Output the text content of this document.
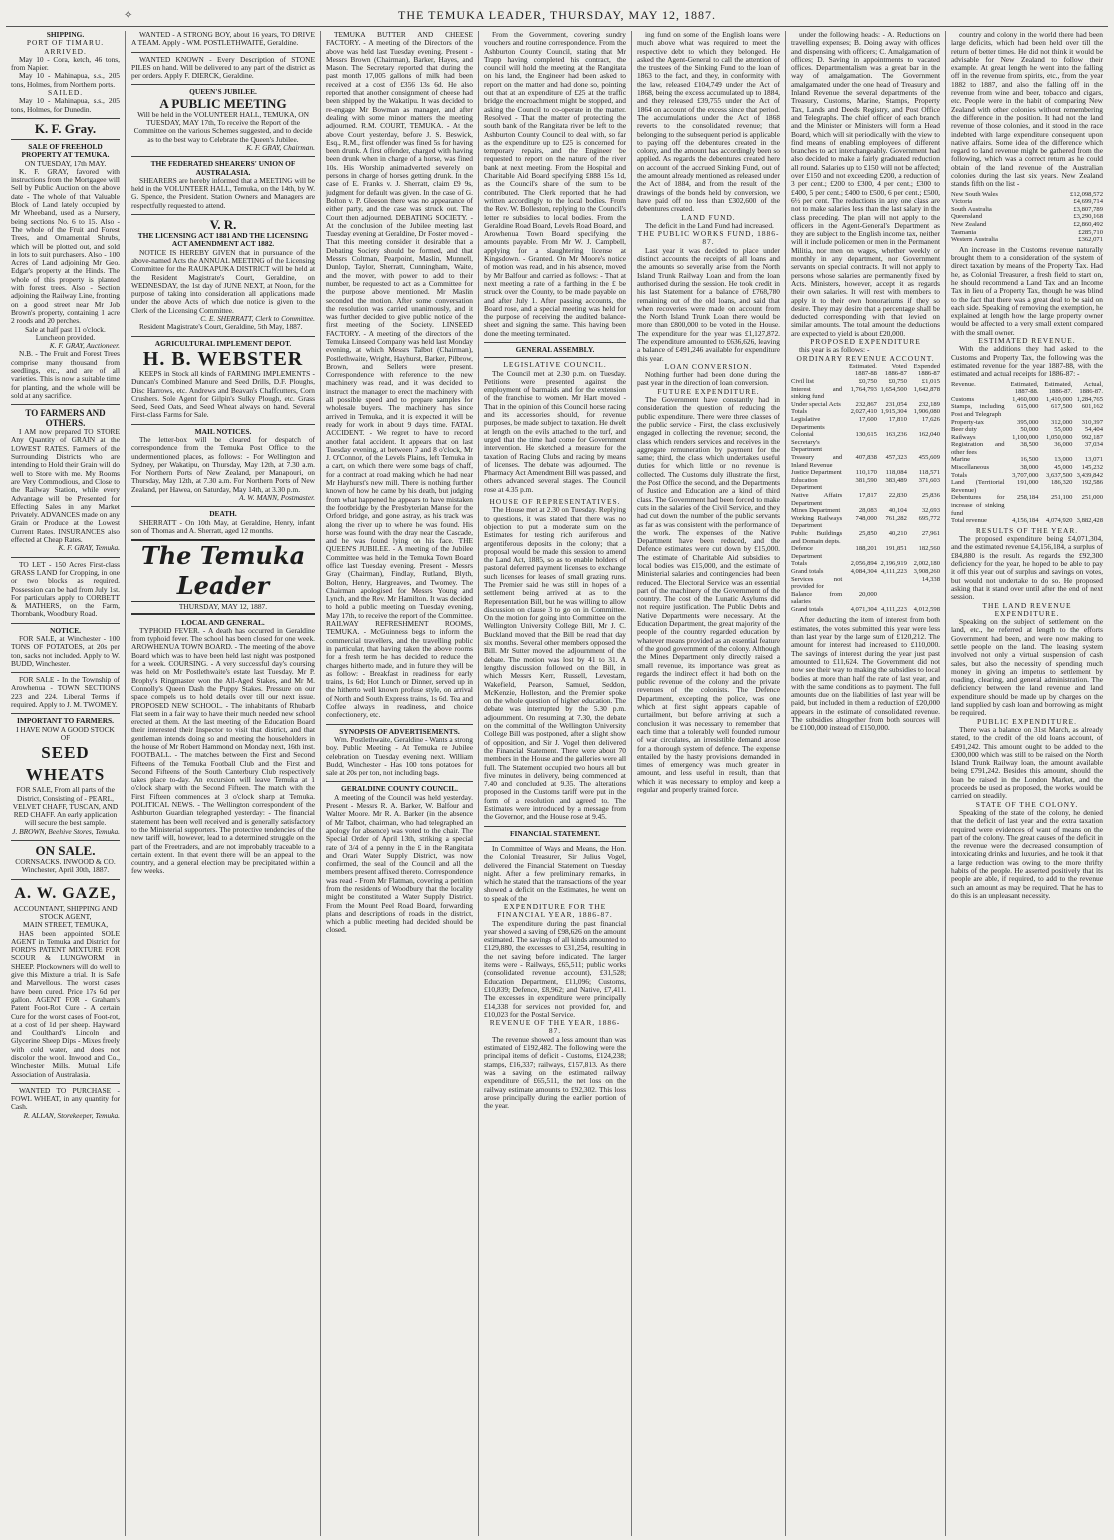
✧	THE TEMUKA LEADER, THURSDAY, MAY 12, 1887.
SHIPPING.
PORT OF TIMARU.
ARRIVED.
May 10 - Cora, ketch, 46 tons, from Napier.
May 10 - Mahinapua, s.s., 205 tons, Holmes, from Northern ports.
SAILED.
May 10 - Mahinapua, s.s., 205 tons, Holmes, for Dunedin.
K. F. Gray.
SALE OF FREEHOLD PROPERTY AT TEMUKA.
ON TUESDAY, 17th MAY.
K. F. GRAY, favored with instructions from the Mortgagee will Sell by Public Auction on the above date - The whole of that Valuable Block of Land lately occupied by Mr Wheeband, used as a Nursery, being sections No. 6 to 15. Also - The whole of the Fruit and Forest Trees, and Ornamental Shrubs, which will be plotted out, and sold in lots to suit purchasers. Also - 100 Acres of Land adjoining Mr Geo. Edgar's property at the Hinds. The whole of this property is planted with forest trees. Also - Section adjoining the Railway Line, fronting on a good street near Mr Job Brown's property, containing 1 acre 2 roods and 20 perches.
Sale at half past 11 o'clock.
Luncheon provided.
K. F. GRAY, Auctioneer.
N.B. - The Fruit and Forest Trees comprise many thousand from seedlings, etc., and are of all varieties. This is now a suitable time for planting, and the whole will be sold at any sacrifice.
TO FARMERS AND OTHERS.
I AM now prepared TO STORE Any Quantity of GRAIN at the LOWEST RATES. Farmers of the Surrounding Districts who are intending to Hold their Grain will do well to Store with me. My Rooms are Very Commodious, and Close to the Railway Station, while every Advantage will be Presented for Effecting Sales in any Market Privately. ADVANCES made on any Grain or Produce at the Lowest Current Rates. INSURANCES also effected at Cheap Rates.
K. F. GRAY, Temuka.
TO LET - 150 Acres First-class GRASS LAND for Cropping, in one or two blocks as required. Possession can be had from July 1st. For particulars apply to CORBETT & MATHERS, on the Farm, Thornbank, Woodbury Road.
NOTICE.
FOR SALE, at Winchester - 100 TONS OF POTATOES, at 20s per ton, sacks not included. Apply to W. BUDD, Winchester.
FOR SALE - In the Township of Arowhenua - TOWN SECTIONS 223 and 224. Liberal Terms if required. Apply to J. M. TWOMEY.
IMPORTANT TO FARMERS.
I HAVE NOW A GOOD STOCK OF
SEED WHEATS
FOR SALE, From all parts of the District, Consisting of - PEARL, VELVET CHAFF, TUSCAN, AND RED CHAFF. An early application will secure the best sample.
J. BROWN, Beehive Stores, Temuka.
ON SALE.
CORNSACKS. INWOOD & CO. Winchester, April 30th, 1887.
A. W. GAZE,
ACCOUNTANT, SHIPPING AND STOCK AGENT,
MAIN STREET, TEMUKA,
HAS been appointed SOLE AGENT in Temuka and District for FORD'S PATENT MIXTURE FOR SCOUR & LUNGWORM in SHEEP. Plockowners will do well to give this Mixture a trial. It is Safe and Marvellous. The worst cases have been cured. Price 17s 6d per gallon. AGENT FOR - Graham's Patent Foot-Rot Cure - A certain Cure for the worst cases of Foot-rot, at a cost of 1d per sheep. Hayward and Coulthard's Lincoln and Glycerine Sheep Dips - Mixes freely with cold water, and does not discolor the wool. Inwood and Co., Winchester Mills. Mutual Life Association of Australasia.
WANTED TO PURCHASE - FOWL WHEAT, in any quantity for Cash.
R. ALLAN, Storekeeper, Temuka.
WANTED - A STRONG BOY, about 16 years, TO DRIVE A TEAM. Apply - WM. POSTLETHWAITE, Geraldine.
WANTED KNOWN - Every Description of STONE PILES on hand. Will be delivered to any part of the district as per orders. Apply F. DIERCK, Geraldine.
QUEEN'S JUBILEE.
A PUBLIC MEETING
Will be held in the VOLUNTEER HALL, TEMUKA, ON TUESDAY, MAY 17th, To receive the Report of the Committee on the various Schemes suggested, and to decide as to the best way to Celebrate the Queen's Jubilee.
K. F. GRAY, Chairman.
THE FEDERATED SHEARERS' UNION OF AUSTRALASIA.
SHEARERS are hereby informed that a MEETING will be held in the VOLUNTEER HALL, Temuka, on the 14th, by W. G. Spence, the President. Station Owners and Managers are respectfully requested to attend.
V. R.
THE LICENSING ACT 1881 AND THE LICENSING ACT AMENDMENT ACT 1882.
NOTICE IS HEREBY GIVEN that in pursuance of the above-named Acts the ANNUAL MEETING of the Licensing Committee for the RAUKAPUKA DISTRICT will be held at the Resident Magistrate's Court, Geraldine, on WEDNESDAY, the 1st day of JUNE NEXT, at Noon, for the purpose of taking into consideration all applications made under the above Acts of which due notice is given to the Clerk of the Licensing Committee.
C. E. SHERRATT, Clerk to Committee.
Resident Magistrate's Court, Geraldine, 5th May, 1887.
AGRICULTURAL IMPLEMENT DEPOT.
H. B. WEBSTER
KEEPS in Stock all kinds of FARMING IMPLEMENTS - Duncan's Combined Manure and Seed Drills, D.F. Ploughs, Disc Harrows, etc. Andrews and Beavan's Chaffcutters, Corn Crushers. Sole Agent for Gilpin's Sulky Plough, etc. Grass Seed, Seed Oats, and Seed Wheat always on hand. Several First-class Farms for Sale.
MAIL NOTICES.
The letter-box will be cleared for despatch of correspondence from the Temuka Post Office to the undermentioned places, as follows: - For Wellington and Sydney, per Wakatipu, on Thursday, May 12th, at 7.30 a.m. For Northern Ports of New Zealand, per Manapouri, on Thursday, May 12th, at 7.30 a.m. For Northern Ports of New Zealand, per Hawea, on Saturday, May 14th, at 3.30 p.m.
A. W. MANN, Postmaster.
DEATH.
SHERRATT - On 10th May, at Geraldine, Henry, infant son of Thomas and A. Sherratt, aged 12 months.
The Temuka Leader
THURSDAY, MAY 12, 1887.
LOCAL AND GENERAL.
TYPHOID FEVER. - A death has occurred in Geraldine from typhoid fever. The school has been closed for one week. AROWHENUA TOWN BOARD. - The meeting of the above Board which was to have been held last night was postponed for a week. COURSING. - A very successful day's coursing was held on Mr Postlethwaite's estate last Tuesday. Mr P. Brophy's Ringmaster won the All-Aged Stakes, and Mr M. Connolly's Queen Dash the Puppy Stakes. Pressure on our space compels us to hold details over till our next issue. PROPOSED NEW SCHOOL. - The inhabitants of Rhubarb Flat seem in a fair way to have their much needed new school erected at them. At the last meeting of the Education Board their interested their Inspector to visit that district, and that gentleman intends doing so and meeting the householders in the house of Mr Robert Hammond on Monday next, 16th inst. FOOTBALL. - The matches between the First and Second Fifteens of the Temuka Football Club and the First and Second Fifteens of the South Canterbury Club respectively takes place to-day. An excursion will leave Temuka at 1 o'clock sharp with the Second Fifteen. The match with the First Fifteen commences at 3 o'clock sharp at Temuka. POLITICAL NEWS. - The Wellington correspondent of the Ashburton Guardian telegraphed yesterday: - The financial statement has been well received and is generally satisfactory to the Ministerial supporters. The protective tendencies of the new tariff will, however, lead to a determined struggle on the part of the Freetraders, and are not improbably traceable to a certain extent. In that event there will be an appeal to the country, and a general election may be precipitated within a few weeks.
TEMUKA BUTTER AND CHEESE FACTORY. - A meeting of the Directors of the above was held last Tuesday evening. Present - Messrs Brown (Chairman), Barker, Hayes, and Mason. The Secretary reported that during the past month 17,005 gallons of milk had been received at a cost of £356 13s 6d. He also reported that another consignment of cheese had been shipped by the Wakatipu. It was decided to re-engage Mr Bowman as manager, and after dealing with some minor matters the meeting adjourned. R.M. COURT, TEMUKA. - At the above Court yesterday, before J. S. Beswick, Esq., R.M., first offender was fined 5s for having been drunk. A first offender, charged with having been drunk when in charge of a horse, was fined 10s. His Worship animadverted severely on persons in charge of horses getting drunk. In the case of E. Franks v. J. Sherratt, claim £9 9s, judgment for default was given. In the case of G. Bolton v. P. Gleeson there was no appearance of either party, and the case was struck out. The Court then adjourned. DEBATING SOCIETY. - At the conclusion of the Jubilee meeting last Tuesday evening at Geraldine, Dr Foster moved - That this meeting consider it desirable that a Debating Society should be formed, and that Messrs Coltman, Pearpoint, Maslin, Munnell, Dunlop, Taylor, Sherratt, Cunningham, Waite, and the mover, with power to add to their number, be requested to act as a Committee for the purpose above mentioned. Mr Maslin seconded the motion. After some conversation the resolution was carried unanimously, and it was further decided to give public notice of the first meeting of the Society. LINSEED FACTORY. - A meeting of the directors of the Temuka Linseed Company was held last Monday evening, at which Messrs Talbot (Chairman), Postlethwaite, Wright, Hayhurst, Barker, Pilbrow, Brown, and Sellers were present. Correspondence with reference to the new machinery was read, and it was decided to instruct the manager to erect the machinery with all possible speed and to prepare samples for wholesale buyers. The machinery has since arrived in Temuka, and it is expected it will be ready for work in about 9 days time. FATAL ACCIDENT. - We regret to have to record another fatal accident. It appears that on last Tuesday evening, at between 7 and 8 o'clock, Mr J. O'Connor, of the Levels Plains, left Temuka in a cart, on which there were some bags of chaff, for a contract at road making which he had near Mr Hayhurst's new mill. There is nothing further known of how he came by his death, but judging from what happened he appears to have mistaken the footbridge by the Presbyterian Manse for the Orford bridge, and gone astray, as his track was along the river up to where he was found. His horse was found with the dray near the Cascade, and he was found lying on his face. THE QUEEN'S JUBILEE. - A meeting of the Jubilee Committee was held in the Temuka Town Board office last Tuesday evening. Present - Messrs Gray (Chairman), Findlay, Rutland, Blyth, Bolton, Henry, Hargreaves, and Twomey. The Chairman apologised for Messrs Young and Lynch, and the Rev. Mr Hamilton. It was decided to hold a public meeting on Tuesday evening, May 17th, to receive the report of the Committee. RAILWAY REFRESHMENT ROOMS, TEMUKA. - McGuinness begs to inform the commercial travellers, and the travelling public in particular, that having taken the above rooms for a fresh term he has decided to reduce the charges hitherto made, and in future they will be as follow: - Breakfast in readiness for early trains, 1s 6d; Hot Lunch or Dinner, served up in the hitherto well known profuse style, on arrival of North and South Express trains, 1s 6d. Tea and Coffee always in readiness, and choice confectionery, etc.
SYNOPSIS OF ADVERTISEMENTS.
Wm. Postlethwaite, Geraldine - Wants a strong boy. Public Meeting - At Temuka re Jubilee celebration on Tuesday evening next. William Budd, Winchester - Has 100 tons potatoes for sale at 20s per ton, not including bags.
GERALDINE COUNTY COUNCIL.
A meeting of the Council was held yesterday. Present - Messrs R. A. Barker, W. Balfour and Walter Moore. Mr R. A. Barker (in the absence of Mr Talbot, chairman, who had telegraphed an apology for absence) was voted to the chair. The Special Order of April 13th, striking a special rate of 3/4 of a penny in the £ in the Rangitata and Orari Water Supply District, was now confirmed, the seal of the Council and all the members present affixed thereto. Correspondence was read - From Mr Flatman, covering a petition from the residents of Woodbury that the locality might be constituted a Water Supply District. From the Mount Peel Road Board, forwarding plans and descriptions of roads in the district, which a public meeting had decided should be closed.
From the Government, covering sundry vouchers and routine correspondence. From the Ashburton County Council, stating that Mr Trapp having completed his contract, the council will hold the meeting at the Rangitata on his land, the Engineer had been asked to report on the matter and had done so, pointing out that at an expenditure of £25 at the traffic bridge the encroachment might be stopped, and asking the Council to co-operate in the matter. Resolved - That the matter of protecting the south bank of the Rangitata river be left to the Ashburton County Council to deal with, so far as the expenditure up to £25 is concerned for temporary repairs, and the Engineer be requested to report on the nature of the river bank at next meeting. From the Hospital and Charitable Aid Board specifying £888 15s 1d, as the Council's share of the sum to be contributed. The Clerk reported that he had written accordingly to the local bodies. From the Rev. W. Bolleston, replying to the Council's letter re subsidies to local bodies. From the Geraldine Road Board, Levels Road Board, and Arowhenua Town Board specifying the amounts payable. From Mr W. J. Campbell, applying for a slaughtering license at Kingsdown. - Granted. On Mr Moore's notice of motion was read, and in his absence, moved by Mr Balfour and carried as follows: - That at next meeting a rate of a farthing in the £ be struck over the County, to be made payable on and after July 1. After passing accounts, the Board rose, and a special meeting was held for the purpose of receiving the audited balance-sheet and signing the same. This having been done the meeting terminated.
GENERAL ASSEMBLY.
LEGISLATIVE COUNCIL.
The Council met at 2.30 p.m. on Tuesday. Petitions were presented against the employment of barmaids and for the extension of the franchise to women. Mr Hart moved - That in the opinion of this Council horse racing and its accessories should, for revenue purposes, be made subject to taxation. He dwelt at length on the evils attached to the turf, and urged that the time had come for Government intervention. He sketched a measure for the taxation of Racing Clubs and racing by means of licenses. The debate was adjourned. The Pharmacy Act Amendment Bill was passed, and others advanced several stages. The Council rose at 4.35 p.m.
HOUSE OF REPRESENTATIVES.
The House met at 2.30 on Tuesday. Replying to questions, it was stated that there was no objection to put a moderate sum on the Estimates for testing rich auriferous and argentiferous deposits in the colony; that a proposal would be made this session to amend the Land Act, 1885, so as to enable holders of pastoral deferred payment licenses to exchange such licenses for leases of small grazing runs. The Premier said he was still in hopes of a settlement being arrived at as to the Representation Bill, but he was willing to allow discussion on clause 3 to go on in Committee. On the motion for going into Committee on the Wellington University College Bill, Mr J. C. Buckland moved that the Bill be read that day six months. Several other members opposed the Bill. Mr Sutter moved the adjournment of the debate. The motion was lost by 41 to 31. A lengthy discussion followed on the Bill, in which Messrs Kerr, Russell, Levestam, Wakefield, Pearson, Samuel, Seddon, McKenzie, Holleston, and the Premier spoke on the whole question of higher education. The debate was interrupted by the 5.30 p.m. adjournment. On resuming at 7.30, the debate on the committal of the Wellington University College Bill was postponed, after a slight show of opposition, and Sir J. Vogel then delivered the Financial Statement. There were about 70 members in the House and the galleries were all full. The Statement occupied two hours all but five minutes in delivery, being commenced at 7.40 and concluded at 9.35. The alterations proposed in the Customs tariff were put in the form of a resolution and agreed to. The Estimates were introduced by a message from the Governor, and the House rose at 9.45.
FINANCIAL STATEMENT.
In Committee of Ways and Means, the Hon. the Colonial Treasurer, Sir Julius Vogel, delivered the Financial Statement on Tuesday night. After a few preliminary remarks, in which he stated that the transactions of the year showed a deficit on the Estimates, he went on to speak of the
EXPENDITURE FOR THE FINANCIAL YEAR, 1886-87.
The expenditure during the past financial year showed a saving of £98,626 on the amount estimated. The savings of all kinds amounted to £129,880, the excesses to £31,254, resulting in the net saving before indicated. The larger items were - Railways, £65,511; public works (consolidated revenue account), £31,528; Education Department, £11,096; Customs, £10,839; Defence, £8,962; and Native, £7,411. The excesses in expenditure were principally £14,338 for services not provided for, and £10,023 for the Postal Service.
REVENUE OF THE YEAR, 1886-87.
The revenue showed a less amount than was estimated of £192,482. The following were the principal items of deficit - Customs, £124,238; stamps, £16,337; railways, £157,813. As there was a saving on the estimated railway expenditure of £65,511, the net loss on the railway estimate amounts to £92,302. This loss arose principally during the earlier portion of the year.
ing fund on some of the English loans were much above what was required to meet the respective debt to which they belonged. He asked the Agent-General to call the attention of the trustees of the Sinking Fund to the loan of 1863 to the fact, and they, in conformity with the law, released £104,749 under the Act of 1868, being the excess accumulated up to 1884, and they released £39,755 under the Act of 1864 on account of the excess since that period. The accumulations under the Act of 1868 reverts to the consolidated revenue; that belonging to the subsequent period is applicable to paying off the debentures created in the colony, and the amount has accordingly been so applied. As regards the debentures created here on account of the accrued Sinking Fund, out of the amount already mentioned as released under the Act of 1884, and from the result of the drawings of the bonds held by conversion, we have paid off no less than £302,600 of the debentures created.
LAND FUND.
The deficit in the Land Fund had increased.
THE PUBLIC WORKS FUND, 1886-87.
Last year it was decided to place under distinct accounts the receipts of all loans and the amounts so severally arise from the North Island Trunk Railway Loan and from the loan authorised during the session. He took credit in his last Statement for a balance of £768,780 remaining out of the old loans, and said that when recoveries were made on account from the North Island Trunk Loan there would be more than £800,000 to be voted in the House. The expenditure for the year was £1,127,872. The expenditure amounted to £636,626, leaving a balance of £491,246 available for expenditure this year.
LOAN CONVERSION.
Nothing further had been done during the past year in the direction of loan conversion.
FUTURE EXPENDITURE.
The Government have constantly had in consideration the question of reducing the public expenditure. There were three classes of the public service - First, the class exclusively engaged in collecting the revenue; second, the class which renders services and receives in the aggregate remuneration by payment for the same; third, the class which undertakes useful duties for which little or no revenue is collected. The Customs duly illustrate the first, the Post Office the second, and the Departments of Justice and Education are a kind of third class. The Government had been forced to make cuts in the salaries of the Civil Service, and they had cut down the number of the public servants as far as was consistent with the performance of the work. The expenses of the Native Department have been reduced, and the Defence estimates were cut down by £15,000. The estimate of Charitable Aid subsidies to local bodies was £15,000, and the estimate of Ministerial salaries and contingencies had been reduced. The Electoral Service was an essential part of the machinery of the Government of the country. The cost of the Lunatic Asylums did not require justification. The Public Debts and Native Departments were necessary. At the Education Department, the great majority of the people of the country regarded education by whatever means provided as an essential feature of the good government of the colony. Although the Mines Department only directly raised a small revenue, its importance was great as regards the indirect effect it had both on the public revenue of the colony and the private revenues of the colonists. The Defence Department, excepting the police, was one which at first sight appears capable of curtailment, but before arriving at such a conclusion it was necessary to remember that each time that a tolerably well founded rumour of war circulates, an irresistible demand arose for a thorough system of defence. The expense entailed by the hasty provisions demanded in times of emergency was much greater in amount, and less useful in result, than that which it was necessary to employ and keep a regular and properly trained force.
under the following heads: - A. Reductions on travelling expenses; B. Doing away with offices and dispensing with officers; C. Amalgamation of offices; D. Saving in appointments to vacated offices. Departmentalism was a great bar in the way of amalgamation. The Government amalgamated under the one head of Treasury and Inland Revenue the several departments of the Treasury, Customs, Marine, Stamps, Property Tax, Lands and Deeds Registry, and Post Office and Telegraphs. The chief officer of each branch and the Minister or Ministers will form a Head Board, which will sit periodically with the view to find means of enabling employees of different branches to act interchangeably. Government had also decided to make a fairly graduated reduction all round. Salaries up to £150 will not be affected; over £150 and not exceeding £200, a reduction of 3 per cent.; £200 to £300, 4 per cent.; £300 to £400, 5 per cent.; £400 to £500, 6 per cent.; £500, 6½ per cent. The reductions in any one class are not to make salaries less than the last salary in the class preceding. The plan will not apply to the officers in the Agent-General's Department as they are subject to the English income tax, neither will it include policemen or men in the Permanent Militia, nor men on wages, whether weekly or monthly in any department, nor Government servants on special contracts. It will not apply to persons whose salaries are permanently fixed by Acts. Ministers, however, accept it as regards their own salaries. It will rest with members to apply it to their own honorariums if they so desire. They may desire that a percentage shall be deducted corresponding with that levied on similar amounts. The total amount the deductions are expected to yield is about £20,000.
PROPOSED EXPENDITURE
this year is as follows: -
ORDINARY REVENUE ACCOUNT.
	Estimated. 1887-88	Voted 1886-87	Expended 1886-87
Civil list	£0,750	£0,750	£1,015
Interest and sinking fund	1,764,793	1,654,500	1,642,878
Under special Acts	232,867	231,054	232,189
Totals	2,027,410	1,915,304	1,906,080
Legislative Departments	17,600	17,810	17,626
Colonial Secretary's Department	130,615	163,236	162,040
Treasury and Inland Revenue	407,838	457,323	455,609
Justice Department	110,170	118,084	118,571
Education Department	381,590	383,489	371,603
Native Affairs Department	17,817	22,830	25,836
Mines Department	28,083	40,104	32,693
Working Railways Department	748,000	761,282	695,772
Public Buildings and Domain depts.	25,850	40,210	27,961
Defence Department	188,201	191,851	182,560
Totals	2,056,894	2,196,919	2,002,180
Grand totals	4,084,304	4,111,223	3,908,260
Services not provided for			14,338
Balance from salaries	20,000		
Grand totals	4,071,304	4,111,223	4,012,598
After deducting the item of interest from both estimates, the votes submitted this year were less than last year by the large sum of £120,212. The amount for interest had increased to £110,000. The savings of interest during the year just past amounted to £11,624. The Government did not now see their way to making the subsidies to local bodies at more than half the rate of last year, and with the same conditions as to payment. The full amounts due on the liabilities of last year will be paid, but included in them a reduction of £20,000 appears in the estimate of consolidated revenue. The subsidies altogether from both sources will be £100,000 instead of £150,000.
country and colony in the world there had been large deficits, which had been held over till the return of better times. He did not think it would be advisable for New Zealand to follow their example. At great length he went into the falling off in the revenue from spirits, etc., from the year 1882 to 1887, and also the falling off in the revenue from wine and beer, tobacco and cigars, etc. People were in the habit of comparing New Zealand with other colonies without remembering the difference in the position. It had not the land revenue of those colonies, and it stood in the race indebted with large expenditure consequent upon native affairs. Some idea of the difference which regard to land revenue might be gathered from the following, which was a correct return as he could obtain of the land revenue of the Australian colonies during the last six years. New Zealand stands fifth on the list -
New South Wales	£12,098,572
Victoria	£4,699,714
South Australia	£3,807,789
Queensland	£3,290,168
New Zealand	£2,860,492
Tasmania	£285,710
Western Australia	£362,071
An increase in the Customs revenue naturally brought them to a consideration of the system of direct taxation by means of the Property Tax. Had he, as Colonial Treasurer, a fresh field to start on, he should recommend a Land Tax and an Income Tax in lieu of a Property Tax, though he was blind to the fact that there was a great deal to be said on each side. Speaking of removing the exemption, he explained at length how the large property owner would be affected to a very small extent compared with the small owner.
ESTIMATED REVENUE.
With the additions they had asked to the Customs and Property Tax, the following was the estimated revenue for the year 1887-88, with the estimated and actual receipts for 1886-87: -
Revenue.	Estimated, 1887-88.	Estimated, 1886-87.	Actual, 1886-87.
Customs	1,460,000	1,410,000	1,284,765
Stamps, including Post and Telegraph	615,000	617,500	601,162
Property-tax	395,000	312,000	310,397
Beer duty	50,000	55,000	54,404
Railways	1,100,000	1,050,000	992,187
Registration and other fees	38,500	36,000	37,034
Marine	16,500	13,000	13,071
Miscellaneous	38,000	45,000	145,232
Totals	3,707,000	3,637,500	3,439,842
Land (Territorial Revenue)	191,000	186,320	192,586
Debentures for increase of sinking fund	258,184	251,100	251,000
Total revenue	4,156,184	4,074,920	3,882,428
RESULTS OF THE YEAR.
The proposed expenditure being £4,071,304, and the estimated revenue £4,156,184, a surplus of £84,880 is the result. As regards the £92,300 deficiency for the year, he hoped to be able to pay it off this year out of surplus and savings on votes, but would not undertake to do so. He proposed asking that it stand over until after the end of next session.
THE LAND REVENUE EXPENDITURE.
Speaking on the subject of settlement on the land, etc., he referred at length to the efforts Government had been, and were now making to settle people on the land. The leasing system involved not only a virtual suspension of cash sales, but also the necessity of spending much money in giving an impetus to settlement by roading, clearing, and general administration. The deficiency between the land revenue and land expenditure should be made up by charges on the land supplied by cash loan and borrowing as might be required.
PUBLIC EXPENDITURE.
There was a balance on 31st March, as already stated, to the credit of the old loans account, of £491,242. This amount ought to be added to the £300,000 which was still to be raised on the North Island Trunk Railway loan, the amount available being £791,242. Besides this amount, should the loan be raised in the London Market, and the proceeds be used as proposed, the works would be carried on steadily.
STATE OF THE COLONY.
Speaking of the state of the colony, he denied that the deficit of last year and the extra taxation required were evidences of want of means on the part of the colony. The great causes of the deficit in the revenue were the decreased consumption of intoxicating drinks and luxuries, and he took it that a large reduction was owing to the more thrifty habits of the people. He asserted positively that its people are able, if required, to add to the revenue such an amount as may be required. That he has to do this is an unpleasant necessity.
